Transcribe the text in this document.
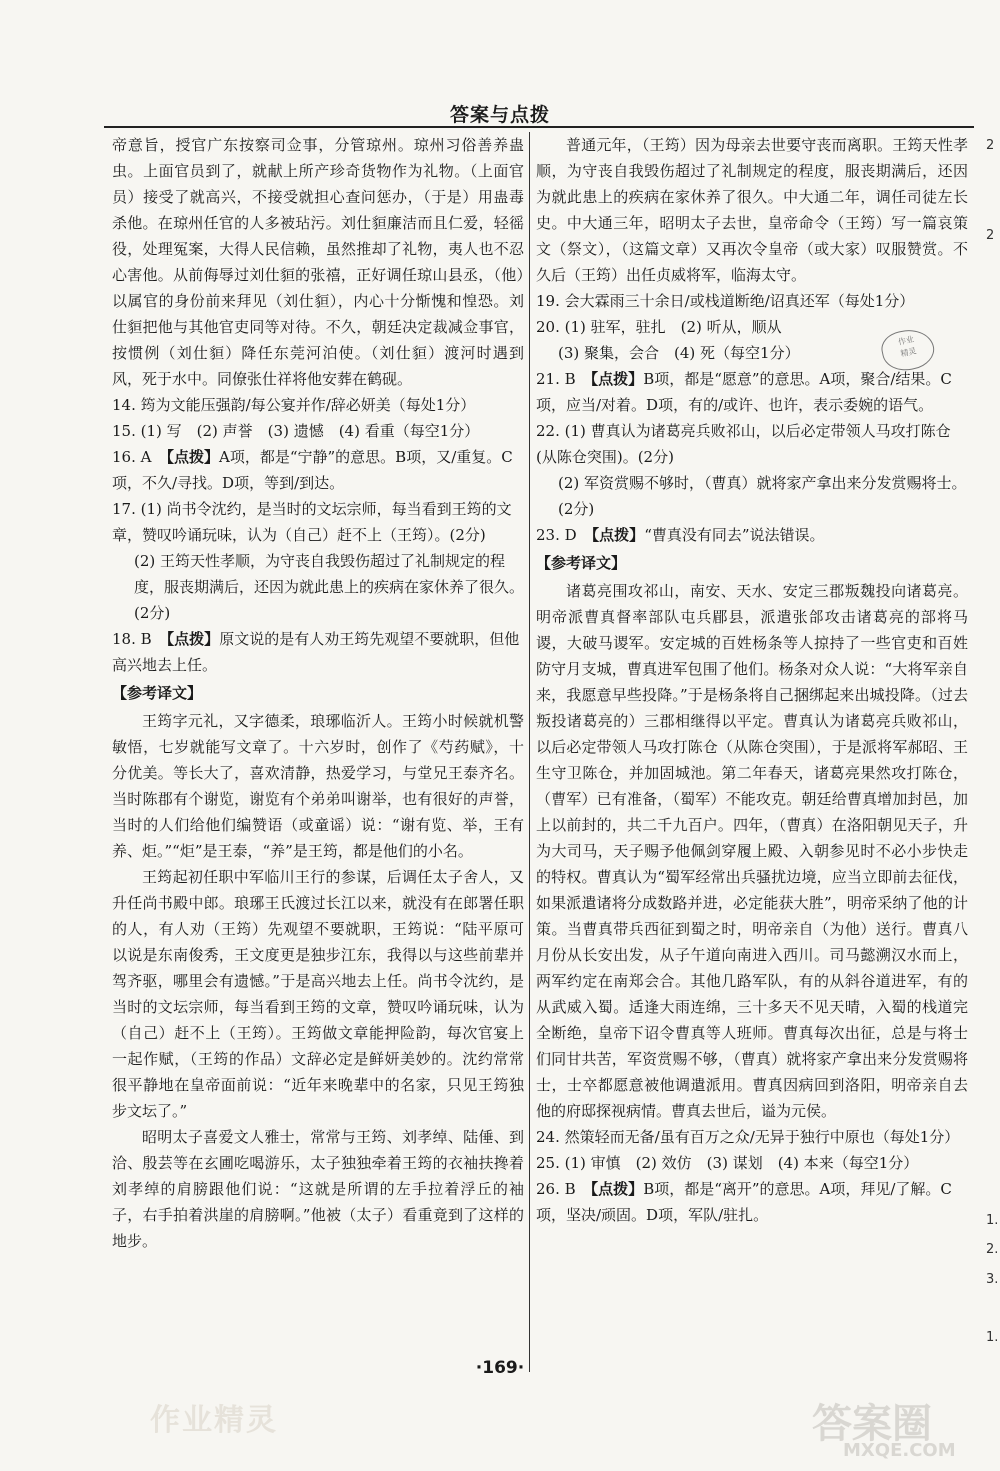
答案与点拨

帝意旨，授官广东按察司佥事，分管琼州。琼州习俗善养蛊虫。上面官员到了，就献上所产珍奇货物作为礼物。（上面官员）接受了就高兴，不接受就担心查问惩办，（于是）用蛊毒杀他。在琼州任官的人多被玷污。刘仕貆廉洁而且仁爱，轻徭役，处理冤案，大得人民信赖，虽然推却了礼物，夷人也不忍心害他。从前侮辱过刘仕貆的张禧，正好调任琼山县丞，（他）以属官的身份前来拜见（刘仕貆），内心十分惭愧和惶恐。刘仕貆把他与其他官吏同等对待。不久，朝廷决定裁减佥事官，按惯例（刘仕貆）降任东莞河泊使。（刘仕貆）渡河时遇到风，死于水中。同僚张仕祥将他安葬在鹤砚。

14. 筠为文能压强韵/每公宴并作/辞必妍美（每处1分）

15. (1) 写　(2) 声誉　(3) 遗憾　(4) 看重（每空1分）

16. A　【点拨】A项，都是“宁静”的意思。B项，又/重复。C项，不久/寻找。D项，等到/到达。

17. (1) 尚书令沈约，是当时的文坛宗师，每当看到王筠的文章，赞叹吟诵玩味，认为（自己）赶不上（王筠）。(2分)

(2) 王筠天性孝顺，为守丧自我毁伤超过了礼制规定的程度，服丧期满后，还因为就此患上的疾病在家休养了很久。(2分)

18. B　【点拨】原文说的是有人劝王筠先观望不要就职，但他高兴地去上任。

【参考译文】

王筠字元礼，又字德柔，琅琊临沂人。王筠小时候就机警敏悟，七岁就能写文章了。十六岁时，创作了《芍药赋》，十分优美。等长大了，喜欢清静，热爱学习，与堂兄王泰齐名。当时陈郡有个谢览，谢览有个弟弟叫谢举，也有很好的声誉，当时的人们给他们编赞语（或童谣）说：“谢有览、举，王有养、炬。”“炬”是王泰，“养”是王筠，都是他们的小名。

王筠起初任职中军临川王行的参谋，后调任太子舍人，又升任尚书殿中郎。琅琊王氏渡过长江以来，就没有在郎署任职的人，有人劝（王筠）先观望不要就职，王筠说：“陆平原可以说是东南俊秀，王文度更是独步江东，我得以与这些前辈并驾齐驱，哪里会有遗憾。”于是高兴地去上任。尚书令沈约，是当时的文坛宗师，每当看到王筠的文章，赞叹吟诵玩味，认为（自己）赶不上（王筠）。王筠做文章能押险韵，每次官宴上一起作赋，（王筠的作品）文辞必定是鲜妍美妙的。沈约常常很平静地在皇帝面前说：“近年来晚辈中的名家，只见王筠独步文坛了。”

昭明太子喜爱文人雅士，常常与王筠、刘孝绰、陆倕、到洽、殷芸等在玄圃吃喝游乐，太子独独牵着王筠的衣袖扶搀着刘孝绰的肩膀跟他们说：“这就是所谓的左手拉着浮丘的袖子，右手拍着洪崖的肩膀啊。”他被（太子）看重竟到了这样的地步。

普通元年，（王筠）因为母亲去世要守丧而离职。王筠天性孝顺，为守丧自我毁伤超过了礼制规定的程度，服丧期满后，还因为就此患上的疾病在家休养了很久。中大通二年，调任司徒左长史。中大通三年，昭明太子去世，皇帝命令（王筠）写一篇哀策文（祭文），（这篇文章）又再次令皇帝（或大家）叹服赞赏。不久后（王筠）出任贞威将军，临海太守。

19. 会大霖雨三十余日/或栈道断绝/诏真还军（每处1分）

20. (1) 驻军，驻扎　(2) 听从，顺从

(3) 聚集，会合　(4) 死（每空1分）

21. B　【点拨】B项，都是“愿意”的意思。A项，聚合/结果。C项，应当/对着。D项，有的/或许、也许，表示委婉的语气。

22. (1) 曹真认为诸葛亮兵败祁山，以后必定带领人马攻打陈仓(从陈仓突围)。(2分)

(2) 军资赏赐不够时，（曹真）就将家产拿出来分发赏赐将士。(2分)

23. D　【点拨】“曹真没有同去”说法错误。

【参考译文】

诸葛亮围攻祁山，南安、天水、安定三郡叛魏投向诸葛亮。明帝派曹真督率部队屯兵郿县，派遣张郃攻击诸葛亮的部将马谡，大破马谡军。安定城的百姓杨条等人掠持了一些官吏和百姓防守月支城，曹真进军包围了他们。杨条对众人说：“大将军亲自来，我愿意早些投降。”于是杨条将自己捆绑起来出城投降。（过去叛投诸葛亮的）三郡相继得以平定。曹真认为诸葛亮兵败祁山，以后必定带领人马攻打陈仓（从陈仓突围），于是派将军郝昭、王生守卫陈仓，并加固城池。第二年春天，诸葛亮果然攻打陈仓，（曹军）已有准备，（蜀军）不能攻克。朝廷给曹真增加封邑，加上以前封的，共二千九百户。四年，（曹真）在洛阳朝见天子，升为大司马，天子赐予他佩剑穿履上殿、入朝参见时不必小步快走的特权。曹真认为“蜀军经常出兵骚扰边境，应当立即前去征伐，如果派遣诸将分成数路并进，必定能获大胜”，明帝采纳了他的计策。当曹真带兵西征到蜀之时，明帝亲自（为他）送行。曹真八月份从长安出发，从子午道向南进入西川。司马懿溯汉水而上，两军约定在南郑会合。其他几路军队，有的从斜谷道进军，有的从武威入蜀。适逢大雨连绵，三十多天不见天晴，入蜀的栈道完全断绝，皇帝下诏令曹真等人班师。曹真每次出征，总是与将士们同甘共苦，军资赏赐不够，（曹真）就将家产拿出来分发赏赐将士，士卒都愿意被他调遣派用。曹真因病回到洛阳，明帝亲自去他的府邸探视病情。曹真去世后，谥为元侯。

24. 然策轻而无备/虽有百万之众/无异于独行中原也（每处1分）

25. (1) 审慎　(2) 效仿　(3) 谋划　(4) 本来（每空1分）

26. B　【点拨】B项，都是“离开”的意思。A项，拜见/了解。C项，坚决/顽固。D项，军队/驻扎。

作业
精灵
·169·
作业精灵	答案圈
MXQE.COM
2
2
1.
2.
3.
1.
